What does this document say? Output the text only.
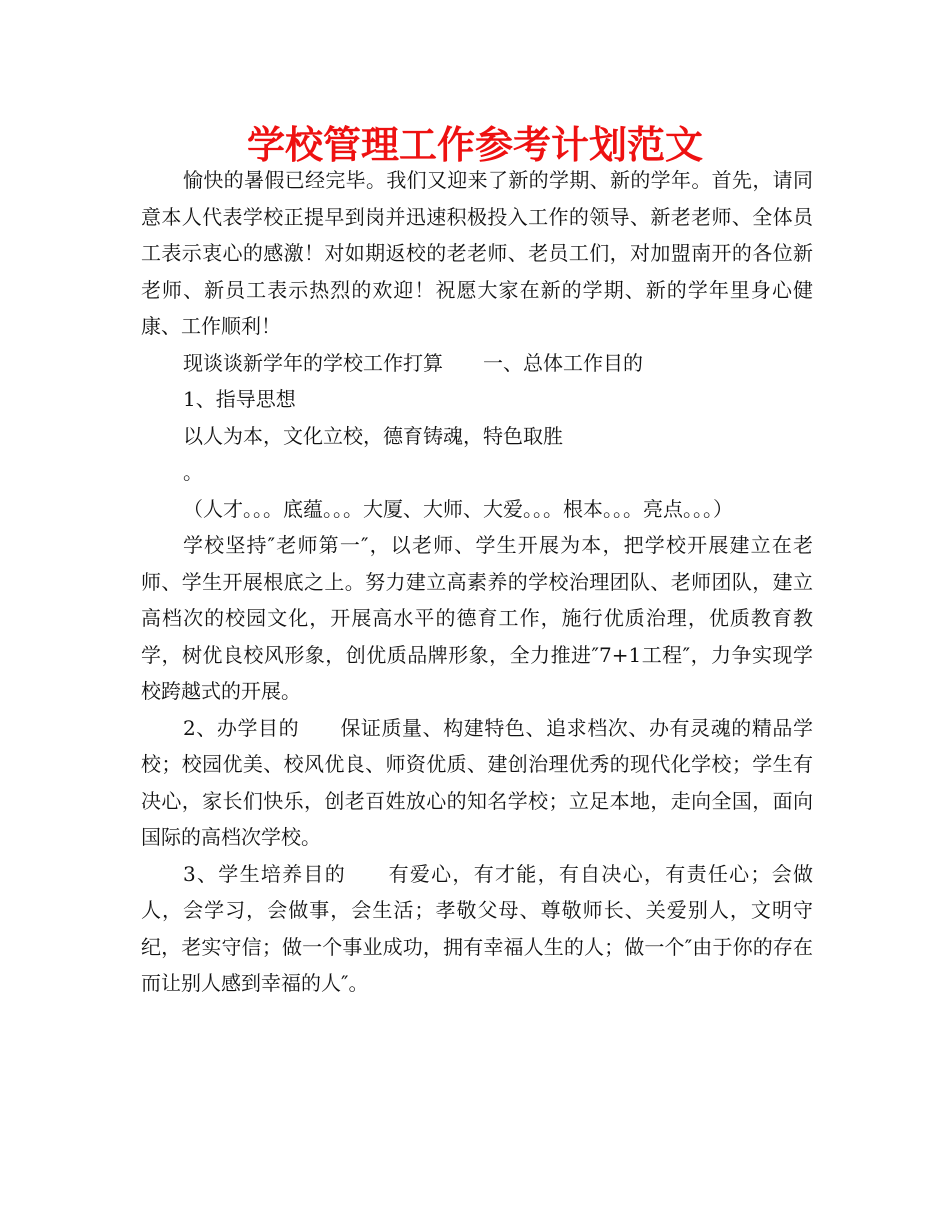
学校管理工作参考计划范文

愉快的暑假已经完毕。我们又迎来了新的学期、新的学年。首先，请同意本人代表学校正提早到岗并迅速积极投入工作的领导、新老老师、全体员工表示衷心的感激！对如期返校的老老师、老员工们，对加盟南开的各位新老师、新员工表示热烈的欢迎！祝愿大家在新的学期、新的学年里身心健康、工作顺利！

现谈谈新学年的学校工作打算　　一、总体工作目的

1、指导思想

以人为本，文化立校，德育铸魂，特色取胜

。

（人才。。。底蕴。。。大厦、大师、大爱。。。根本。。。亮点。。。）

学校坚持″老师第一″，以老师、学生开展为本，把学校开展建立在老师、学生开展根底之上。努力建立高素养的学校治理团队、老师团队，建立高档次的校园文化，开展高水平的德育工作，施行优质治理，优质教育教学，树优良校风形象，创优质品牌形象，全力推进″7+1工程″，力争实现学校跨越式的开展。

2、办学目的　　保证质量、构建特色、追求档次、办有灵魂的精品学校；校园优美、校风优良、师资优质、建创治理优秀的现代化学校；学生有决心，家长们快乐，创老百姓放心的知名学校；立足本地，走向全国，面向国际的高档次学校。

3、学生培养目的　　有爱心，有才能，有自决心，有责任心；会做人，会学习，会做事，会生活；孝敬父母、尊敬师长、关爱别人，文明守纪，老实守信；做一个事业成功，拥有幸福人生的人；做一个″由于你的存在而让别人感到幸福的人″。
